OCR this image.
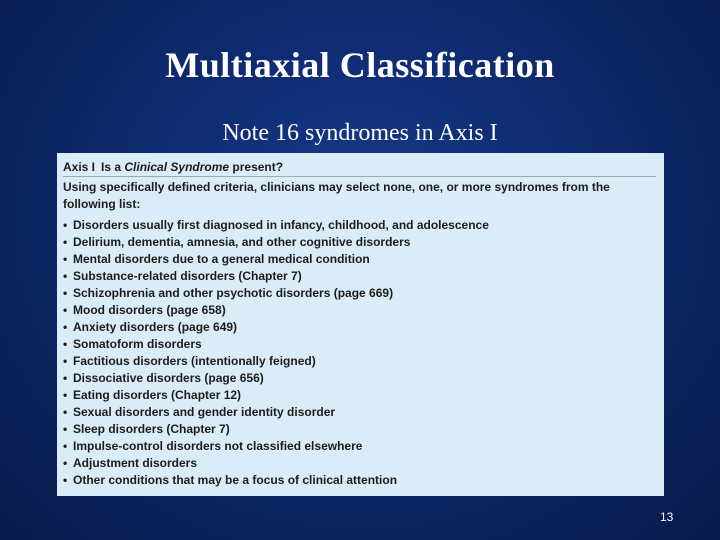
Multiaxial Classification
Note 16 syndromes in Axis I
Axis I Is a Clinical Syndrome present?
Using specifically defined criteria, clinicians may select none, one, or more syndromes from the following list:
• Disorders usually first diagnosed in infancy, childhood, and adolescence
• Delirium, dementia, amnesia, and other cognitive disorders
• Mental disorders due to a general medical condition
• Substance-related disorders (Chapter 7)
• Schizophrenia and other psychotic disorders (page 669)
• Mood disorders (page 658)
• Anxiety disorders (page 649)
• Somatoform disorders
• Factitious disorders (intentionally feigned)
• Dissociative disorders (page 656)
• Eating disorders (Chapter 12)
• Sexual disorders and gender identity disorder
• Sleep disorders (Chapter 7)
• Impulse-control disorders not classified elsewhere
• Adjustment disorders
• Other conditions that may be a focus of clinical attention
13
